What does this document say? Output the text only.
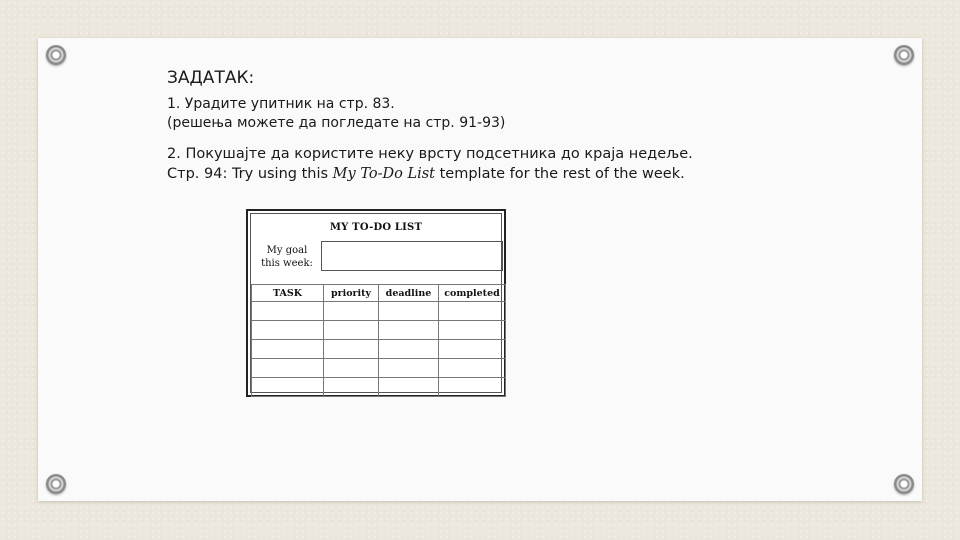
ЗАДАТАК:
1. Урадите упитник на стр. 83.
(решења можете да погледате на стр. 91-93)
2. Покушајте да користите неку врсту подсетника до краја недеље.
Стр. 94: Try using this My To-Do List template for the rest of the week.
MY TO-DO LIST
My goal this week:
TASK	priority	deadline	completed
